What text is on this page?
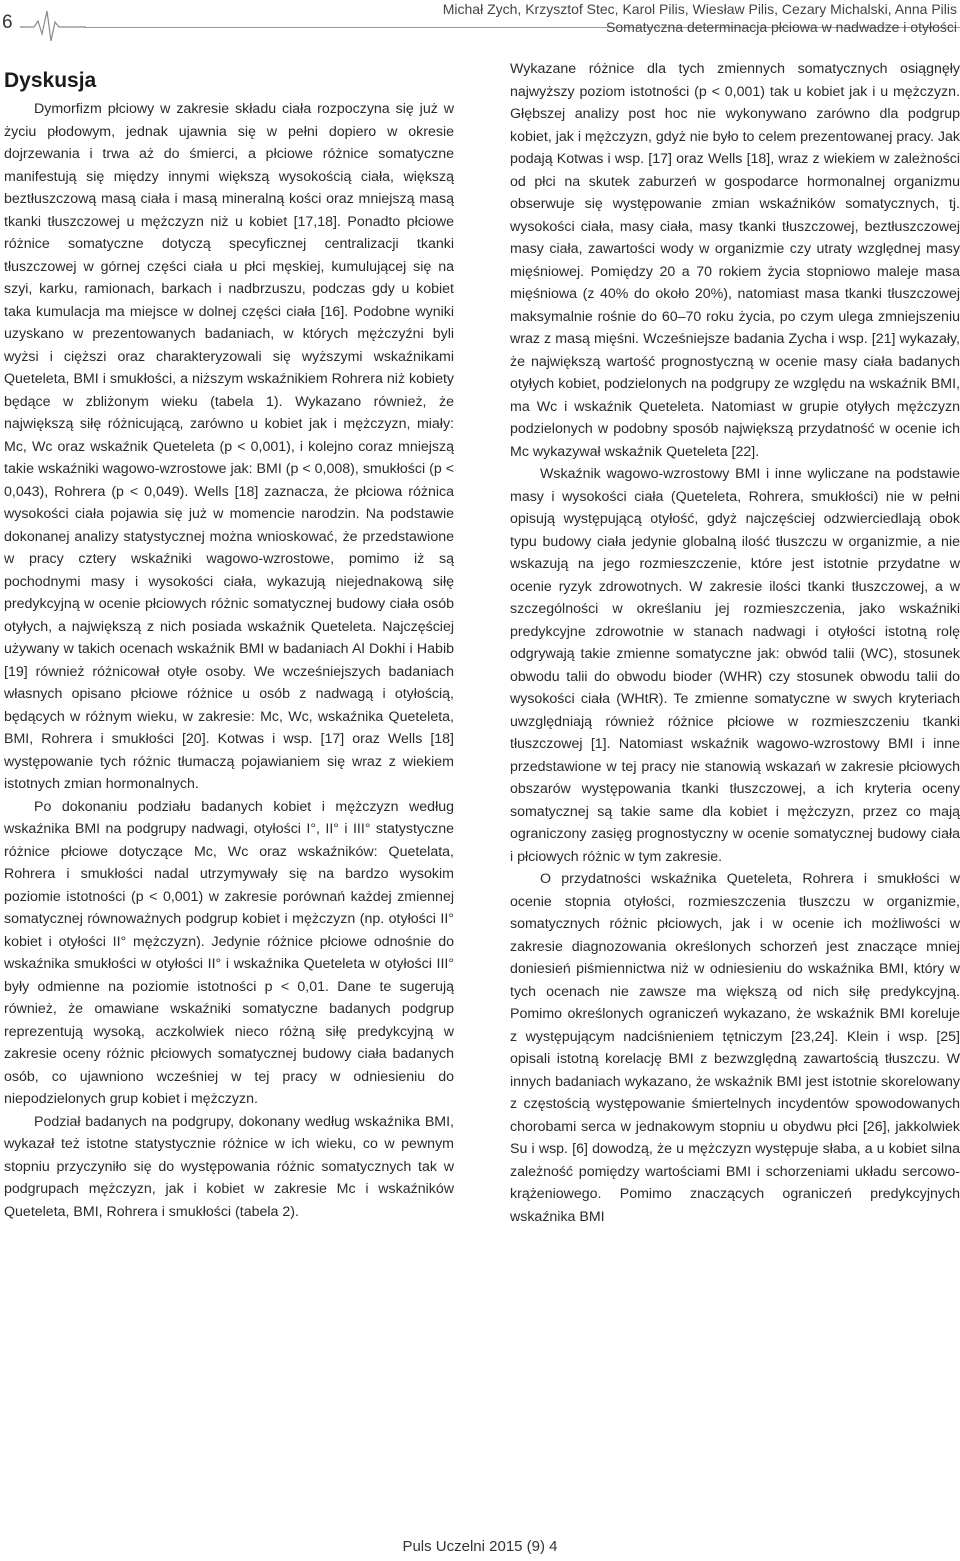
6
Michał Zych, Krzysztof Stec, Karol Pilis, Wiesław Pilis, Cezary Michalski, Anna Pilis
Somatyczna determinacja płciowa w nadwadze i otyłości
Dyskusja

Dymorfizm płciowy w zakresie składu ciała rozpoczyna się już w życiu płodowym, jednak ujawnia się w pełni dopiero w okresie dojrzewania i trwa aż do śmierci, a płciowe różnice somatyczne manifestują się między innymi większą wysokością ciała, większą beztłuszczową masą ciała i masą mineralną kości oraz mniejszą masą tkanki tłuszczowej u mężczyzn niż u kobiet [17,18]. Ponadto płciowe różnice somatyczne dotyczą specyficznej centralizacji tkanki tłuszczowej w górnej części ciała u płci męskiej, kumulującej się na szyi, karku, ramionach, barkach i nadbrzuszu, podczas gdy u kobiet taka kumulacja ma miejsce w dolnej części ciała [16]. Podobne wyniki uzyskano w prezentowanych badaniach, w których mężczyźni byli wyżsi i cięższi oraz charakteryzowali się wyższymi wskaźnikami Queteleta, BMI i smukłości, a niższym wskaźnikiem Rohrera niż kobiety będące w zbliżonym wieku (tabela 1). Wykazano również, że największą siłę różnicującą, zarówno u kobiet jak i mężczyzn, miały: Mc, Wc oraz wskaźnik Queteleta (p < 0,001), i kolejno coraz mniejszą takie wskaźniki wagowo-wzrostowe jak: BMI (p < 0,008), smukłości (p < 0,043), Rohrera (p < 0,049). Wells [18] zaznacza, że płciowa różnica wysokości ciała pojawia się już w momencie narodzin. Na podstawie dokonanej analizy statystycznej można wnioskować, że przedstawione w pracy cztery wskaźniki wagowo-wzrostowe, pomimo iż są pochodnymi masy i wysokości ciała, wykazują niejednakową siłę predykcyjną w ocenie płciowych różnic somatycznej budowy ciała osób otyłych, a największą z nich posiada wskaźnik Queteleta. Najczęściej używany w takich ocenach wskaźnik BMI w badaniach Al Dokhi i Habib [19] również różnicował otyłe osoby. We wcześniejszych badaniach własnych opisano płciowe różnice u osób z nadwagą i otyłością, będących w różnym wieku, w zakresie: Mc, Wc, wskaźnika Queteleta, BMI, Rohrera i smukłości [20]. Kotwas i wsp. [17] oraz Wells [18] występowanie tych różnic tłumaczą pojawianiem się wraz z wiekiem istotnych zmian hormonalnych.

Po dokonaniu podziału badanych kobiet i mężczyzn według wskaźnika BMI na podgrupy nadwagi, otyłości I°, II° i III° statystyczne różnice płciowe dotyczące Mc, Wc oraz wskaźników: Quetelata, Rohrera i smukłości nadal utrzymywały się na bardzo wysokim poziomie istotności (p < 0,001) w zakresie porównań każdej zmiennej somatycznej równoważnych podgrup kobiet i mężczyzn (np. otyłości II° kobiet i otyłości II° mężczyzn). Jedynie różnice płciowe odnośnie do wskaźnika smukłości w otyłości II° i wskaźnika Queteleta w otyłości III° były odmienne na poziomie istotności p < 0,01. Dane te sugerują również, że omawiane wskaźniki somatyczne badanych podgrup reprezentują wysoką, aczkolwiek nieco różną siłę predykcyjną w zakresie oceny różnic płciowych somatycznej budowy ciała badanych osób, co ujawniono wcześniej w tej pracy w odniesieniu do niepodzielonych grup kobiet i mężczyzn.

Podział badanych na podgrupy, dokonany według wskaźnika BMI, wykazał też istotne statystycznie różnice w ich wieku, co w pewnym stopniu przyczyniło się do występowania różnic somatycznych tak w podgrupach mężczyzn, jak i kobiet w zakresie Mc i wskaźników Queteleta, BMI, Rohrera i smukłości (tabela 2).

Wykazane różnice dla tych zmiennych somatycznych osiągnęły najwyższy poziom istotności (p < 0,001) tak u kobiet jak i u mężczyzn. Głębszej analizy post hoc nie wykonywano zarówno dla podgrup kobiet, jak i mężczyzn, gdyż nie było to celem prezentowanej pracy. Jak podają Kotwas i wsp. [17] oraz Wells [18], wraz z wiekiem w zależności od płci na skutek zaburzeń w gospodarce hormonalnej organizmu obserwuje się występowanie zmian wskaźników somatycznych, tj. wysokości ciała, masy ciała, masy tkanki tłuszczowej, beztłuszczowej masy ciała, zawartości wody w organizmie czy utraty względnej masy mięśniowej. Pomiędzy 20 a 70 rokiem życia stopniowo maleje masa mięśniowa (z 40% do około 20%), natomiast masa tkanki tłuszczowej maksymalnie rośnie do 60–70 roku życia, po czym ulega zmniejszeniu wraz z masą mięśni. Wcześniejsze badania Zycha i wsp. [21] wykazały, że największą wartość prognostyczną w ocenie masy ciała badanych otyłych kobiet, podzielonych na podgrupy ze względu na wskaźnik BMI, ma Wc i wskaźnik Queteleta. Natomiast w grupie otyłych mężczyzn podzielonych w podobny sposób największą przydatność w ocenie ich Mc wykazywał wskaźnik Queteleta [22].

Wskaźnik wagowo-wzrostowy BMI i inne wyliczane na podstawie masy i wysokości ciała (Queteleta, Rohrera, smukłości) nie w pełni opisują występującą otyłość, gdyż najczęściej odzwierciedlają obok typu budowy ciała jedynie globalną ilość tłuszczu w organizmie, a nie wskazują na jego rozmieszczenie, które jest istotnie przydatne w ocenie ryzyk zdrowotnych. W zakresie ilości tkanki tłuszczowej, a w szczególności w określaniu jej rozmieszczenia, jako wskaźniki predykcyjne zdrowotnie w stanach nadwagi i otyłości istotną rolę odgrywają takie zmienne somatyczne jak: obwód talii (WC), stosunek obwodu talii do obwodu bioder (WHR) czy stosunek obwodu talii do wysokości ciała (WHtR). Te zmienne somatyczne w swych kryteriach uwzględniają również różnice płciowe w rozmieszczeniu tkanki tłuszczowej [1]. Natomiast wskaźnik wagowo-wzrostowy BMI i inne przedstawione w tej pracy nie stanowią wskazań w zakresie płciowych obszarów występowania tkanki tłuszczowej, a ich kryteria oceny somatycznej są takie same dla kobiet i mężczyzn, przez co mają ograniczony zasięg prognostyczny w ocenie somatycznej budowy ciała i płciowych różnic w tym zakresie.

O przydatności wskaźnika Queteleta, Rohrera i smukłości w ocenie stopnia otyłości, rozmieszczenia tłuszczu w organizmie, somatycznych różnic płciowych, jak i w ocenie ich możliwości w zakresie diagnozowania określonych schorzeń jest znaczące mniej doniesień piśmiennictwa niż w odniesieniu do wskaźnika BMI, który w tych ocenach nie zawsze ma większą od nich siłę predykcyjną. Pomimo określonych ograniczeń wykazano, że wskaźnik BMI koreluje z występującym nadciśnieniem tętniczym [23,24]. Klein i wsp. [25] opisali istotną korelację BMI z bezwzględną zawartością tłuszczu. W innych badaniach wykazano, że wskaźnik BMI jest istotnie skorelowany z częstością występowanie śmiertelnych incydentów spowodowanych chorobami serca w jednakowym stopniu u obydwu płci [26], jakkolwiek Su i wsp. [6] dowodzą, że u mężczyzn występuje słaba, a u kobiet silna zależność pomiędzy wartościami BMI i schorzeniami układu sercowo-krążeniowego. Pomimo znaczących ograniczeń predykcyjnych wskaźnika BMI

Puls Uczelni 2015 (9) 4
